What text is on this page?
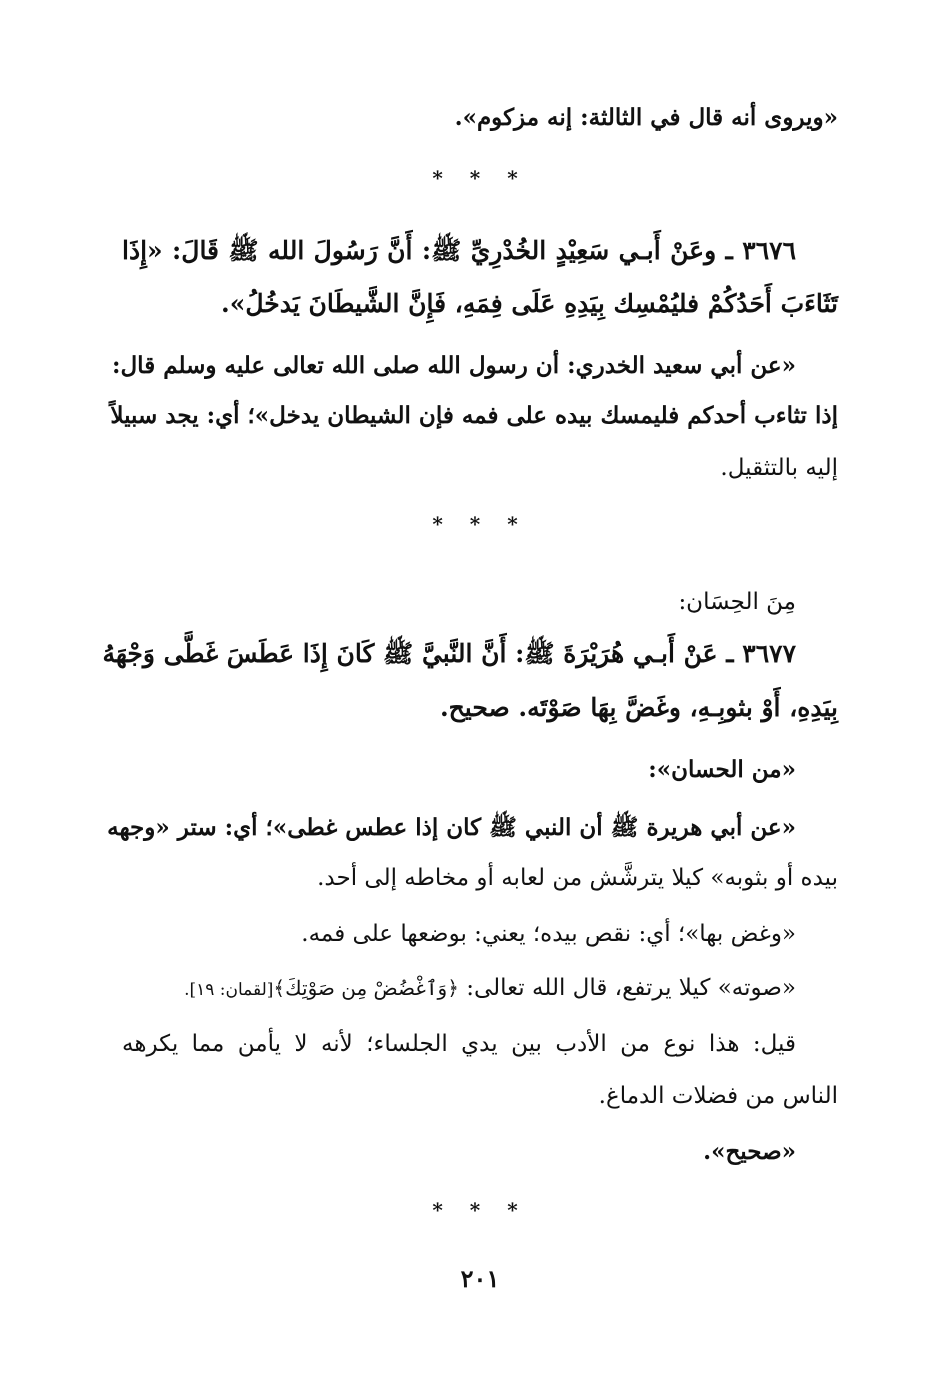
«ويروى أنه قال في الثالثة: إنه مزكوم».
* * *
٣٦٧٦ ـ وعَنْ أَبـي سَعِيْدٍ الخُدْرِيِّ ﷺ: أَنَّ رَسُولَ الله ﷺ قَالَ: «إِذَا
تَثَاءَبَ أَحَدُكُمْ فليُمْسِك بِيَدِهِ عَلَى فِمَهِ، فَإِنَّ الشَّيطَانَ يَدخُلُ».
«عن أبي سعيد الخدري: أن رسول الله صلى الله تعالى عليه وسلم قال:
إذا تثاءب أحدكم فليمسك بيده على فمه فإن الشيطان يدخل»؛ أي: يجد سبيلاً
إليه بالتثقيل.
* * *
مِنَ الحِسَان:
٣٦٧٧ ـ عَنْ أَبـي هُرَيْرَةَ ﷺ: أَنَّ النَّبيَّ ﷺ كَانَ إِذَا عَطَسَ غَطَّى وَجْهَهُ
بِيَدِهِ، أَوْ بثوبِـهِ، وغَضَّ بِهَا صَوْتَه. صحيح.
«من الحسان»:
«عن أبي هريرة ﷺ أن النبي ﷺ كان إذا عطس غطى»؛ أي: ستر «وجهه
بيده أو بثوبه» كيلا يترشَّش من لعابه أو مخاطه إلى أحد.
«وغض بها»؛ أي: نقص بيده؛ يعني: بوضعها على فمه.
«صوته» كيلا يرتفع، قال الله تعالى: ﴿وَٱغْضُضْ مِن صَوْتِكَ﴾[لقمان: ١٩].
قيل: هذا نوع من الأدب بين يدي الجلساء؛ لأنه لا يأمن مما يكرهه
الناس من فضلات الدماغ.
«صحيح».
* * *
٢٠١
